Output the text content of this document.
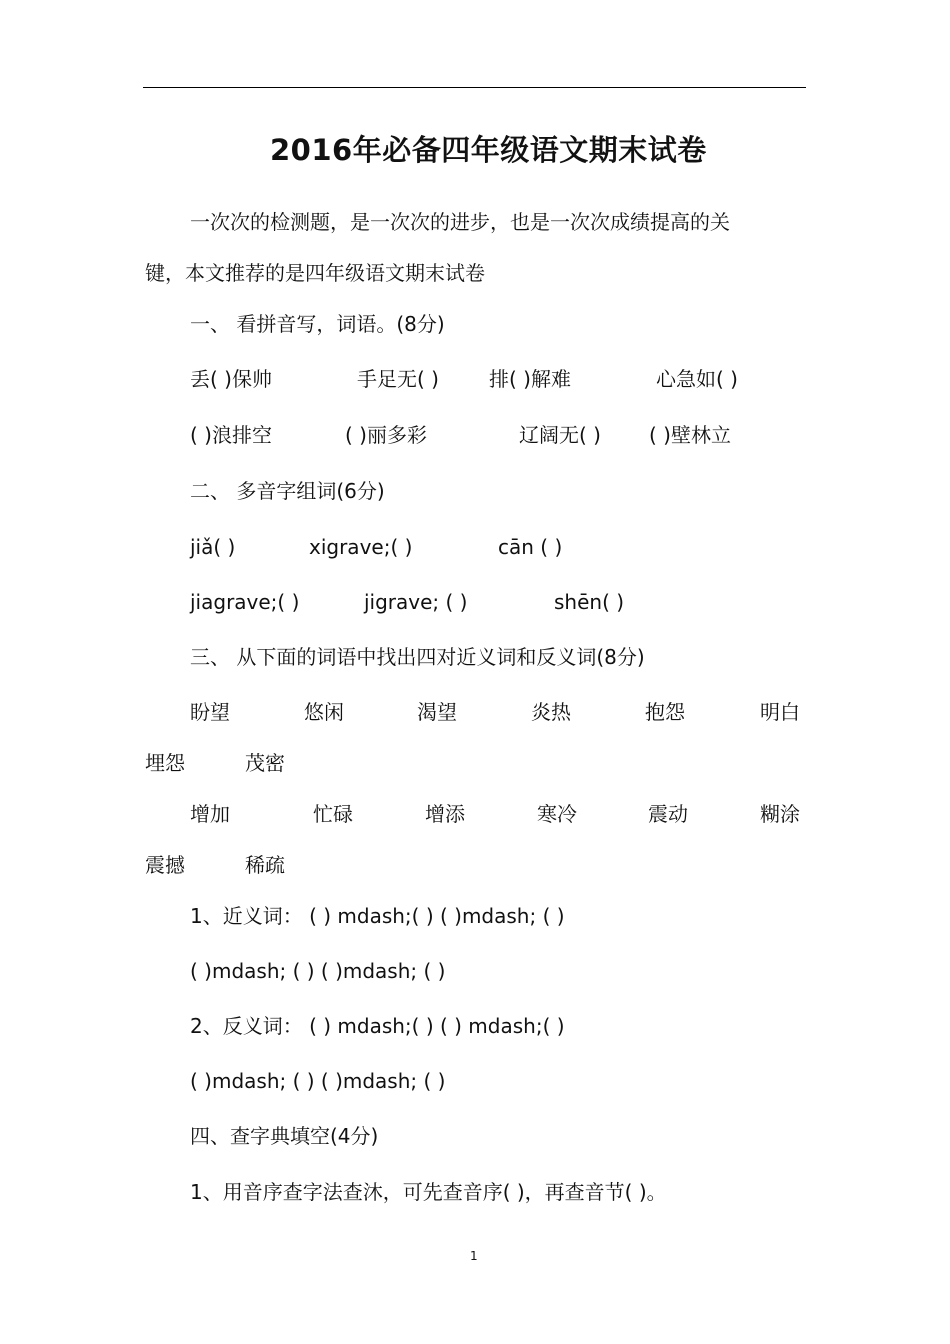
2016年必备四年级语文期末试卷
一次次的检测题，是一次次的进步，也是一次次成绩提高的关
键，本文推荐的是四年级语文期末试卷
一、 看拼音写，词语。(8分)
丢( )保帅	手足无( )	排( )解难	心急如( )
( )浪排空	( )丽多彩	辽阔无( ) ( )壁林立
二、 多音字组词(6分)
jiǎ( )	xigrave;( )	cān ( )
jiagrave;( )	jigrave; ( )	shēn( )
三、 从下面的词语中找出四对近义词和反义词(8分)
盼望	悠闲	渴望	炎热	抱怨	明白
埋怨	茂密
增加	忙碌	增添	寒冷	震动	糊涂
震撼	稀疏
1、近义词： ( ) mdash;( ) ( )mdash; ( )
( )mdash; ( ) ( )mdash; ( )
2、反义词： ( ) mdash;( ) ( ) mdash;( )
( )mdash; ( ) ( )mdash; ( )
四、查字典填空(4分)
1、用音序查字法查沐，可先查音序( )，再查音节( )。
1
